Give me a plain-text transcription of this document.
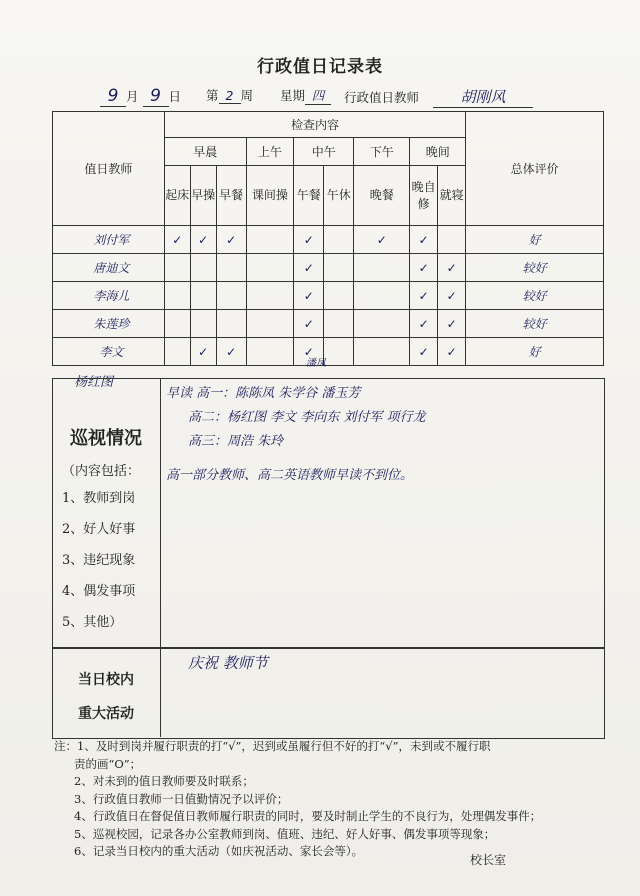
行政值日记录表
9 月 9 日 第 2 周 星期 四	行政值日教师	胡刚风
值日教师	检查内容									总体评价
	早晨			上午	中午		下午	晚间		
	起床	早操	早餐	课间操	午餐	午休	晚餐	晚自修	就寝	
刘付军	✓	✓	✓		✓		✓	✓		好
唐迪文					✓			✓	✓	较好
李海儿					✓			✓	✓	较好
朱莲珍					✓			✓	✓	较好
李文		✓	✓		✓			✓	✓	好
杨红图
潘凤
巡视情况
（内容包括：
1、教师到岗
2、好人好事
3、违纪现象
4、偶发事项
5、其他）
早读 高一：陈陈凤 朱学谷 潘玉芳
高二：杨红图 李文 李向东 刘付军 项行龙
高三：周浩 朱玲
高一部分教师、高二英语教师早读不到位。
当日校内
重大活动
庆祝 教师节
注：1、及时到岗并履行职责的打“√”，迟到或虽履行但不好的打“√”，未到或不履行职
责的画“O”；
2、对未到的值日教师要及时联系；
3、行政值日教师一日值勤情况予以评价；
4、行政值日在督促值日教师履行职责的同时，要及时制止学生的不良行为，处理偶发事件；
5、巡视校园，记录各办公室教师到岗、值班、违纪、好人好事、偶发事项等现象；
6、记录当日校内的重大活动（如庆祝活动、家长会等）。
校长室
